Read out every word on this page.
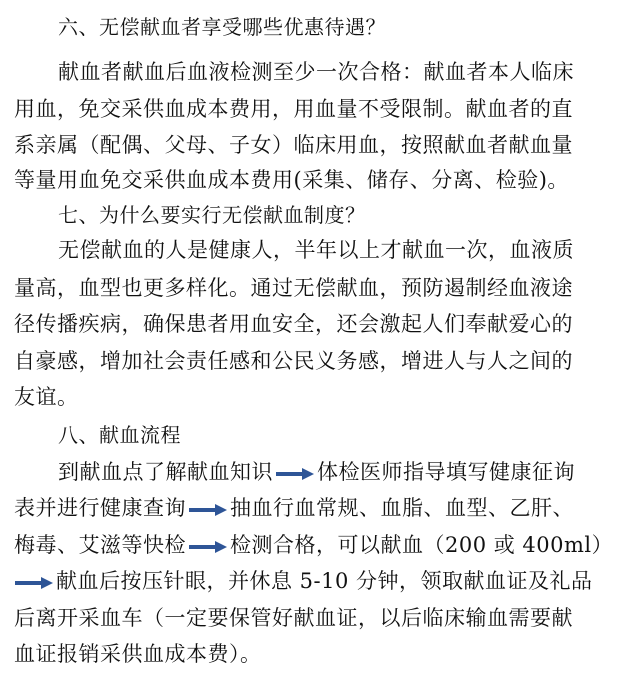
六、无偿献血者享受哪些优惠待遇？
献血者献血后血液检测至少一次合格：献血者本人临床
用血，免交采供血成本费用，用血量不受限制。献血者的直
系亲属（配偶、父母、子女）临床用血，按照献血者献血量
等量用血免交采供血成本费用(采集、储存、分离、检验)。
七、为什么要实行无偿献血制度？
无偿献血的人是健康人，半年以上才献血一次，血液质
量高，血型也更多样化。通过无偿献血，预防遏制经血液途
径传播疾病，确保患者用血安全，还会激起人们奉献爱心的
自豪感，增加社会责任感和公民义务感，增进人与人之间的
友谊。
八、献血流程
到献血点了解献血知识 体检医师指导填写健康征询
表并进行健康查询 抽血行血常规、血脂、血型、乙肝、
梅毒、艾滋等快检 检测合格，可以献血（200 或 400ml）
献血后按压针眼，并休息 5-10 分钟，领取献血证及礼品
后离开采血车（一定要保管好献血证，以后临床输血需要献
血证报销采供血成本费）。
